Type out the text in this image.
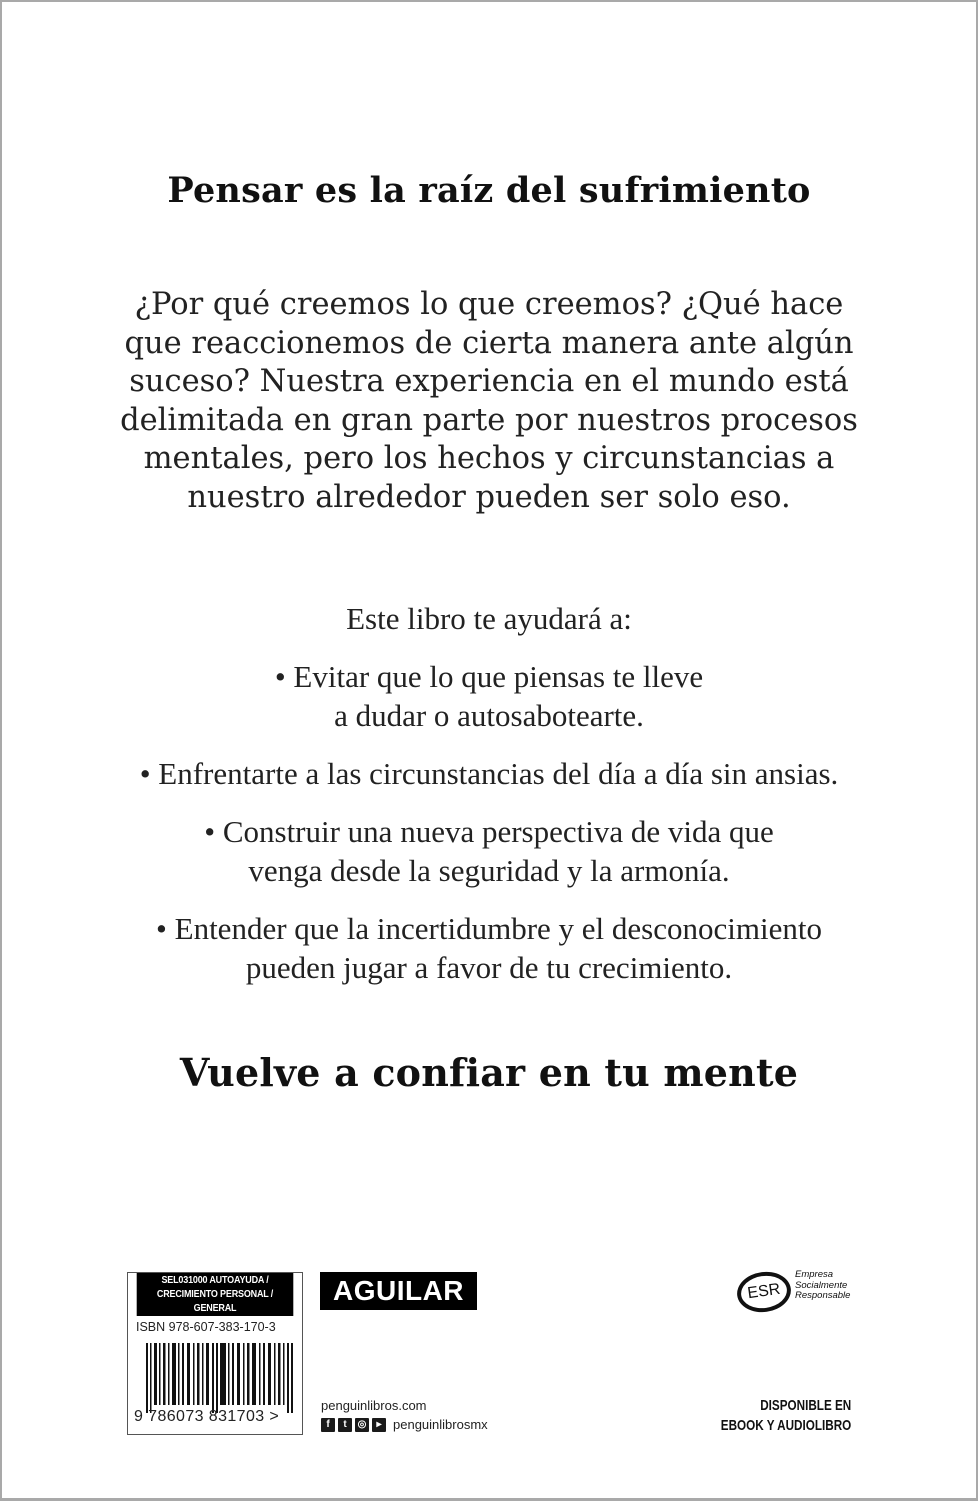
Pensar es la raíz del sufrimiento
¿Por qué creemos lo que creemos? ¿Qué hace
que reaccionemos de cierta manera ante algún
suceso? Nuestra experiencia en el mundo está
delimitada en gran parte por nuestros procesos
mentales, pero los hechos y circunstancias a
nuestro alrededor pueden ser solo eso.
Este libro te ayudará a:
• Evitar que lo que piensas te lleve
a dudar o autosabotearte.
• Enfrentarte a las circunstancias del día a día sin ansias.
• Construir una nueva perspectiva de vida que
venga desde la seguridad y la armonía.
• Entender que la incertidumbre y el desconocimiento
pueden jugar a favor de tu crecimiento.
Vuelve a confiar en tu mente
SEL031000 AUTOAYUDA /
CRECIMIENTO PERSONAL / GENERAL
ISBN 978-607-383-170-3
9 786073 831703 >
AGUILAR
penguinlibros.com
f	t	◎	▸ penguinlibrosmx
ESR
Empresa
Socialmente
Responsable
DISPONIBLE EN
EBOOK Y AUDIOLIBRO
